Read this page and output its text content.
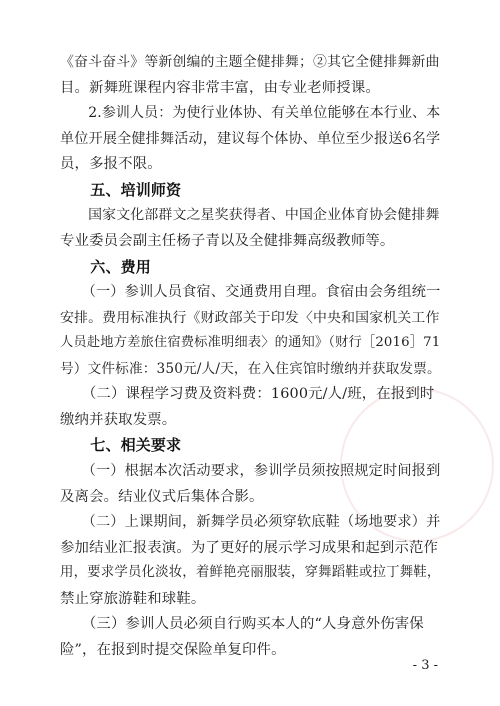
《奋斗奋斗》等新创编的主题全健排舞；②其它全健排舞新曲
目。新舞班课程内容非常丰富，由专业老师授课。
　　2.参训人员：为使行业体协、有关单位能够在本行业、本
单位开展全健排舞活动，建议每个体协、单位至少报送6名学
员，多报不限。
　　五、培训师资
　　国家文化部群文之星奖获得者、中国企业体育协会健排舞
专业委员会副主任杨子青以及全健排舞高级教师等。
　　六、费用
　　（一）参训人员食宿、交通费用自理。食宿由会务组统一
安排。费用标准执行《财政部关于印发〈中央和国家机关工作
人员赴地方差旅住宿费标准明细表〉的通知》（财行［2016］71
号）文件标准：350元/人/天，在入住宾馆时缴纳并获取发票。
　　（二）课程学习费及资料费：1600元/人/班，在报到时
缴纳并获取发票。
　　七、相关要求
　　（一）根据本次活动要求，参训学员须按照规定时间报到
及离会。结业仪式后集体合影。
　　（二）上课期间，新舞学员必须穿软底鞋（场地要求）并
参加结业汇报表演。为了更好的展示学习成果和起到示范作
用，要求学员化淡妆，着鲜艳亮丽服装，穿舞蹈鞋或拉丁舞鞋，
禁止穿旅游鞋和球鞋。
　　（三）参训人员必须自行购买本人的“人身意外伤害保
险”，在报到时提交保险单复印件。
- 3 -
